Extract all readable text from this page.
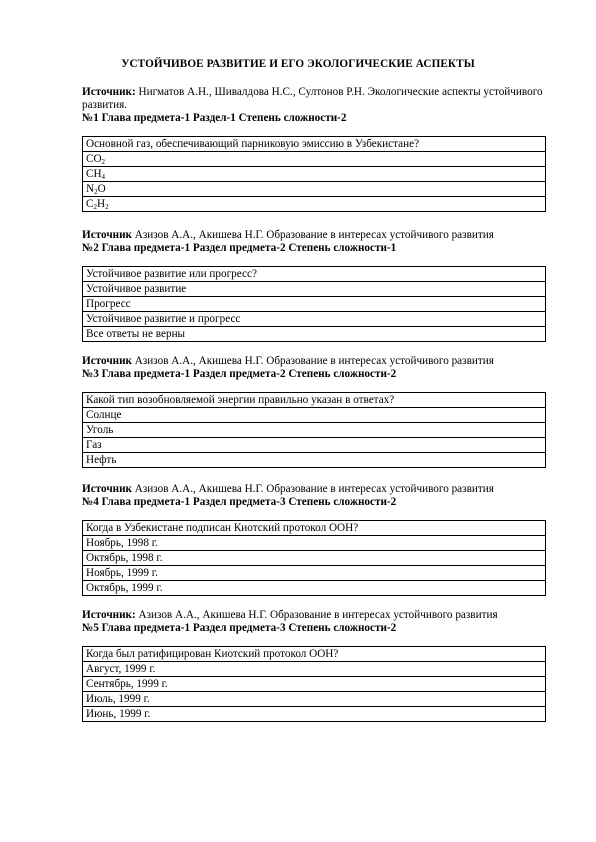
УСТОЙЧИВОЕ РАЗВИТИЕ И ЕГО ЭКОЛОГИЧЕСКИЕ АСПЕКТЫ

Источник: Нигматов А.Н., Шивалдова Н.С., Султонов Р.Н. Экологические аспекты устойчивого развития.

№1 Глава предмета-1 Раздел-1 Степень сложности-2

Основной газ, обеспечивающий парниковую эмиссию в Узбекистане?
$CO_2$
$CH_4$
$N_2O$
$C_2H_2$

Источник Азизов А.А., Акишева Н.Г. Образование в интересах устойчивого развития

№2 Глава предмета-1 Раздел предмета-2 Степень сложности-1

Устойчивое развитие или прогресс?
Устойчивое развитие
Прогресс
Устойчивое развитие и прогресс
Все ответы не верны

Источник Азизов А.А., Акишева Н.Г. Образование в интересах устойчивого развития

№3 Глава предмета-1 Раздел предмета-2 Степень сложности-2

Какой тип возобновляемой энергии правильно указан в ответах?
Солнце
Уголь
Газ
Нефть

Источник Азизов А.А., Акишева Н.Г. Образование в интересах устойчивого развития

№4 Глава предмета-1 Раздел предмета-3 Степень сложности-2

Когда в Узбекистане подписан Киотский протокол ООН?
Ноябрь, 1998 г.
Октябрь, 1998 г.
Ноябрь, 1999 г.
Октябрь, 1999 г.

Источник: Азизов А.А., Акишева Н.Г. Образование в интересах устойчивого развития

№5 Глава предмета-1 Раздел предмета-3 Степень сложности-2

Когда был ратифицирован Киотский протокол ООН?
Август, 1999 г.
Сентябрь, 1999 г.
Июль, 1999 г.
Июнь, 1999 г.
